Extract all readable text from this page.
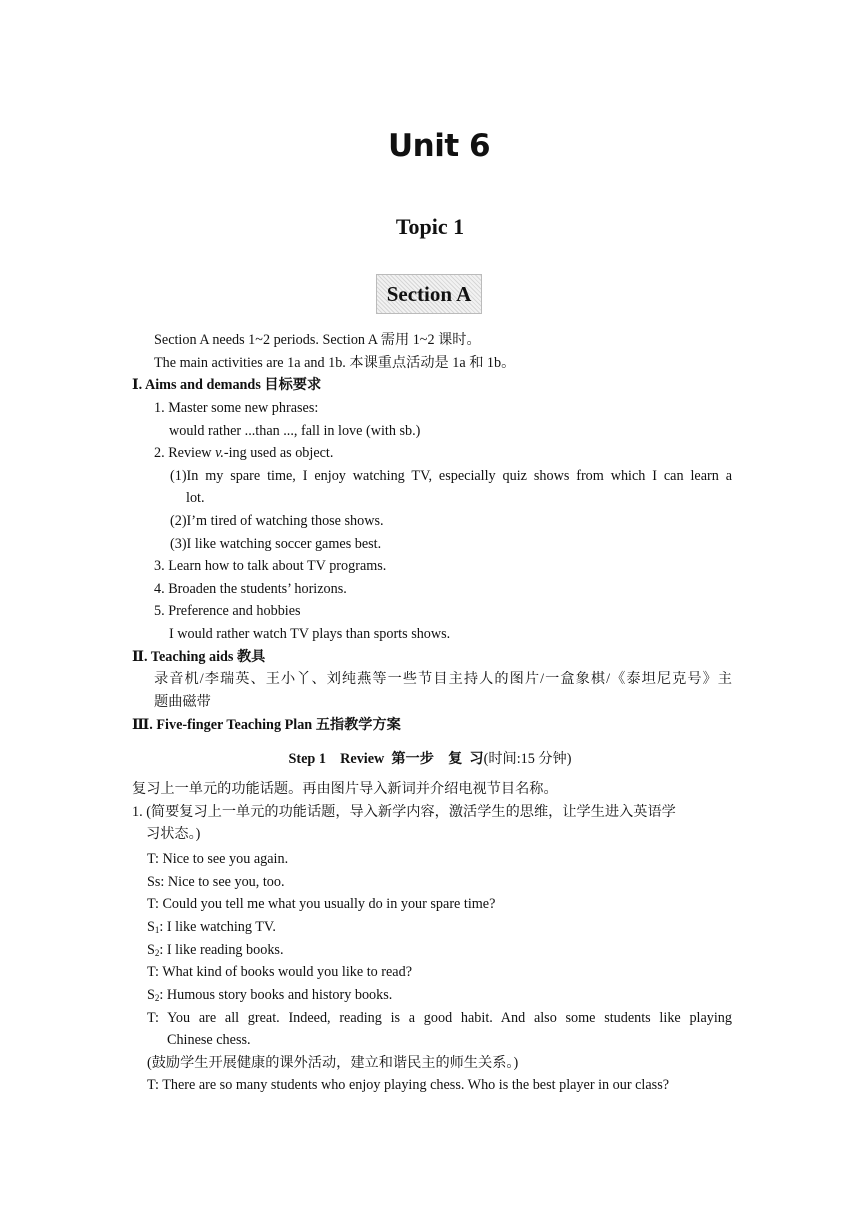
Unit 6
Topic 1
Section A
Section A needs 1~2 periods. Section A 需用 1~2 课时。
The main activities are 1a and 1b. 本课重点活动是 1a 和 1b。
Ⅰ. Aims and demands 目标要求
1. Master some new phrases:
would rather ...than ..., fall in love (with sb.)
2. Review v.-ing used as object.
(1)In my spare time, I enjoy watching TV, especially quiz shows from which I can learn a
lot.
(2)I’m tired of watching those shows.
(3)I like watching soccer games best.
3. Learn how to talk about TV programs.
4. Broaden the students’ horizons.
5. Preference and hobbies
I would rather watch TV plays than sports shows.
Ⅱ. Teaching aids 教具
录音机/李瑞英、王小丫、刘纯燕等一些节目主持人的图片/一盒象棋/《泰坦尼克号》主
题曲磁带
Ⅲ. Five-finger Teaching Plan 五指教学方案
Step 1    Review  第一步    复  习(时间:15 分钟)
复习上一单元的功能话题。再由图片导入新词并介绍电视节目名称。
1. (简要复习上一单元的功能话题，导入新学内容，激活学生的思维，让学生进入英语学
习状态。)
T: Nice to see you again.
Ss: Nice to see you, too.
T: Could you tell me what you usually do in your spare time?
$S_1$: I like watching TV.
$S_2$: I like reading books.
T: What kind of books would you like to read?
$S_2$: Humous story books and history books.
T: You are all great. Indeed, reading is a good habit. And also some students like playing
Chinese chess.
(鼓励学生开展健康的课外活动，建立和谐民主的师生关系。)
T: There are so many students who enjoy playing chess. Who is the best player in our class?
